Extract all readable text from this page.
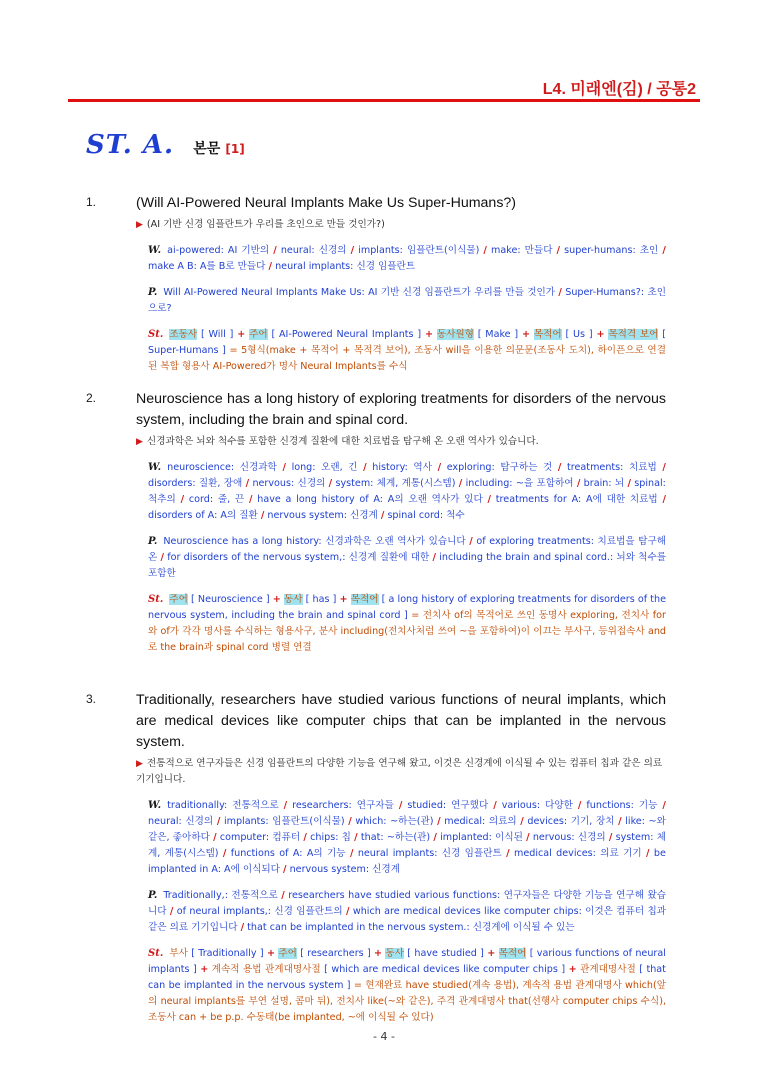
L4. 미래엔(김) / 공통2
ST. A. 본문 [1]
1.	(Will AI-Powered Neural Implants Make Us Super-Humans?)
▶ (AI 기반 신경 임플란트가 우리를 초인으로 만들 것인가?)
W. ai-powered: AI 기반의 / neural: 신경의 / implants: 임플란트(이식물) / make: 만들다 / super-humans: 초인 / make A B: A를 B로 만들다 / neural implants: 신경 임플란트
P. Will AI-Powered Neural Implants Make Us: AI 기반 신경 임플란트가 우리를 만들 것인가 / Super-Humans?: 초인으로?
St. 조동사 [ Will ] + 주어 [ AI-Powered Neural Implants ] + 동사원형 [ Make ] + 목적어 [ Us ] + 목적격 보어 [ Super-Humans ] = 5형식(make + 목적어 + 목적격 보어), 조동사 will을 이용한 의문문(조동사 도치), 하이픈으로 연결된 복합 형용사 AI-Powered가 명사 Neural Implants를 수식
2.	Neuroscience has a long history of exploring treatments for disorders of the nervous system, including the brain and spinal cord.
▶ 신경과학은 뇌와 척수를 포함한 신경계 질환에 대한 치료법을 탐구해 온 오랜 역사가 있습니다.
W. neuroscience: 신경과학 / long: 오랜, 긴 / history: 역사 / exploring: 탐구하는 것 / treatments: 치료법 / disorders: 질환, 장애 / nervous: 신경의 / system: 체계, 계통(시스템) / including: ~을 포함하여 / brain: 뇌 / spinal: 척추의 / cord: 줄, 끈 / have a long history of A: A의 오랜 역사가 있다 / treatments for A: A에 대한 치료법 / disorders of A: A의 질환 / nervous system: 신경계 / spinal cord: 척수
P. Neuroscience has a long history: 신경과학은 오랜 역사가 있습니다 / of exploring treatments: 치료법을 탐구해 온 / for disorders of the nervous system,: 신경계 질환에 대한 / including the brain and spinal cord.: 뇌와 척수를 포함한
St. 주어 [ Neuroscience ] + 동사 [ has ] + 목적어 [ a long history of exploring treatments for disorders of the nervous system, including the brain and spinal cord ] = 전치사 of의 목적어로 쓰인 동명사 exploring, 전치사 for와 of가 각각 명사를 수식하는 형용사구, 분사 including(전치사처럼 쓰여 ~을 포함하여)이 이끄는 부사구, 등위접속사 and로 the brain과 spinal cord 병렬 연결
3.	Traditionally, researchers have studied various functions of neural implants, which are medical devices like computer chips that can be implanted in the nervous system.
▶ 전통적으로 연구자들은 신경 임플란트의 다양한 기능을 연구해 왔고, 이것은 신경계에 이식될 수 있는 컴퓨터 칩과 같은 의료 기기입니다.
W. traditionally: 전통적으로 / researchers: 연구자들 / studied: 연구했다 / various: 다양한 / functions: 기능 / neural: 신경의 / implants: 임플란트(이식물) / which: ~하는(관) / medical: 의료의 / devices: 기기, 장치 / like: ~와 같은, 좋아하다 / computer: 컴퓨터 / chips: 칩 / that: ~하는(관) / implanted: 이식된 / nervous: 신경의 / system: 체계, 계통(시스템) / functions of A: A의 기능 / neural implants: 신경 임플란트 / medical devices: 의료 기기 / be implanted in A: A에 이식되다 / nervous system: 신경계
P. Traditionally,: 전통적으로 / researchers have studied various functions: 연구자들은 다양한 기능을 연구해 왔습니다 / of neural implants,: 신경 임플란트의 / which are medical devices like computer chips: 이것은 컴퓨터 칩과 같은 의료 기기입니다 / that can be implanted in the nervous system.: 신경계에 이식될 수 있는
St. 부사 [ Traditionally ] + 주어 [ researchers ] + 동사 [ have studied ] + 목적어 [ various functions of neural implants ] + 계속적 용법 관계대명사절 [ which are medical devices like computer chips ] + 관계대명사절 [ that can be implanted in the nervous system ] = 현재완료 have studied(계속 용법), 계속적 용법 관계대명사 which(앞의 neural implants를 부연 설명, 콤마 뒤), 전치사 like(~와 같은), 주격 관계대명사 that(선행사 computer chips 수식), 조동사 can + be p.p. 수동태(be implanted, ~에 이식될 수 있다)
- 4 -
